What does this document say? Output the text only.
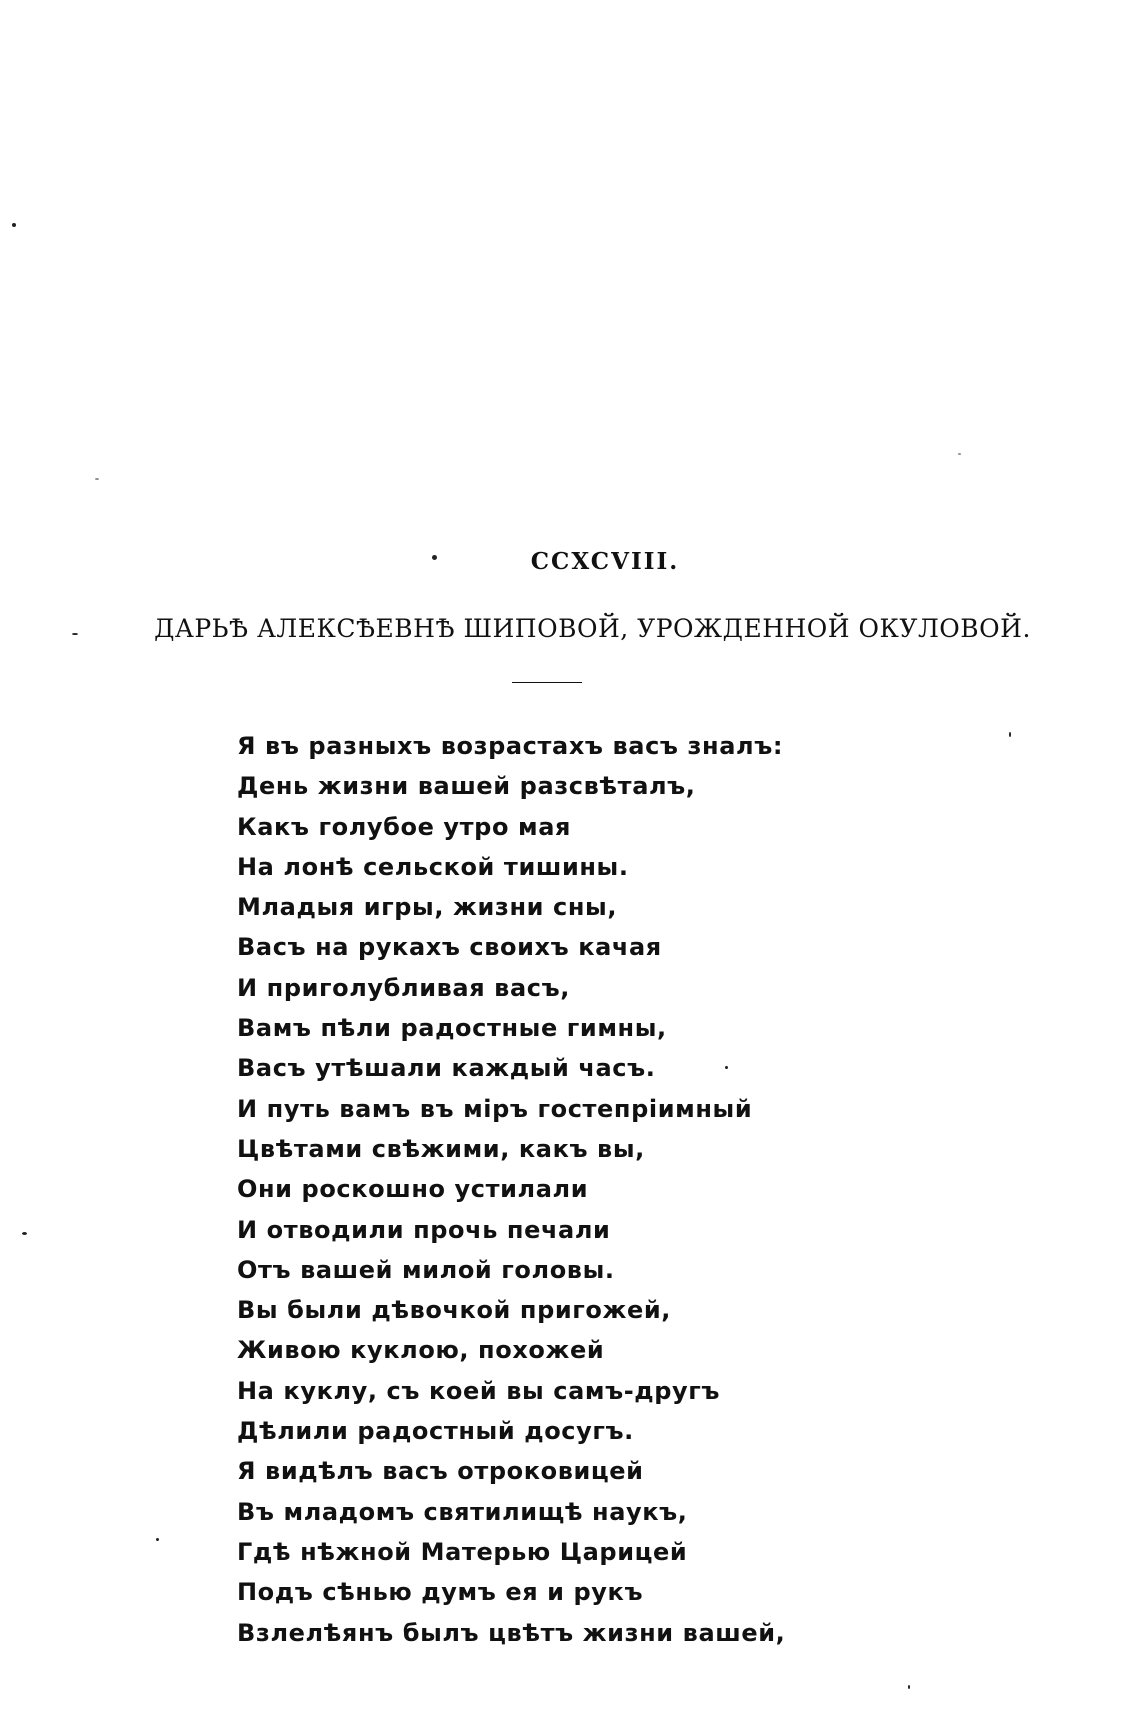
CCXCVIII.
ДАРЬѢ АЛЕКСѢЕВНѢ ШИПОВОЙ, УРОЖДЕННОЙ ОКУЛОВОЙ.
Я въ разныхъ возрастахъ васъ зналъ:
День жизни вашей разсвѣталъ,
Какъ голубое утро мая
На лонѣ сельской тишины.
Младыя игры, жизни сны,
Васъ на рукахъ своихъ качая
И приголубливая васъ,
Вамъ пѣли радостные гимны,
Васъ утѣшали каждый часъ.
И путь вамъ въ міръ гостепріимный
Цвѣтами свѣжими, какъ вы,
Они роскошно устилали
И отводили прочь печали
Отъ вашей милой головы.
Вы были дѣвочкой пригожей,
Живою куклою, похожей
На куклу, съ коей вы самъ-другъ
Дѣлили радостный досугъ.
Я видѣлъ васъ отроковицей
Въ младомъ святилищѣ наукъ,
Гдѣ нѣжной Матерью Царицей
Подъ сѣнью думъ ея и рукъ
Взлелѣянъ былъ цвѣтъ жизни вашей,
